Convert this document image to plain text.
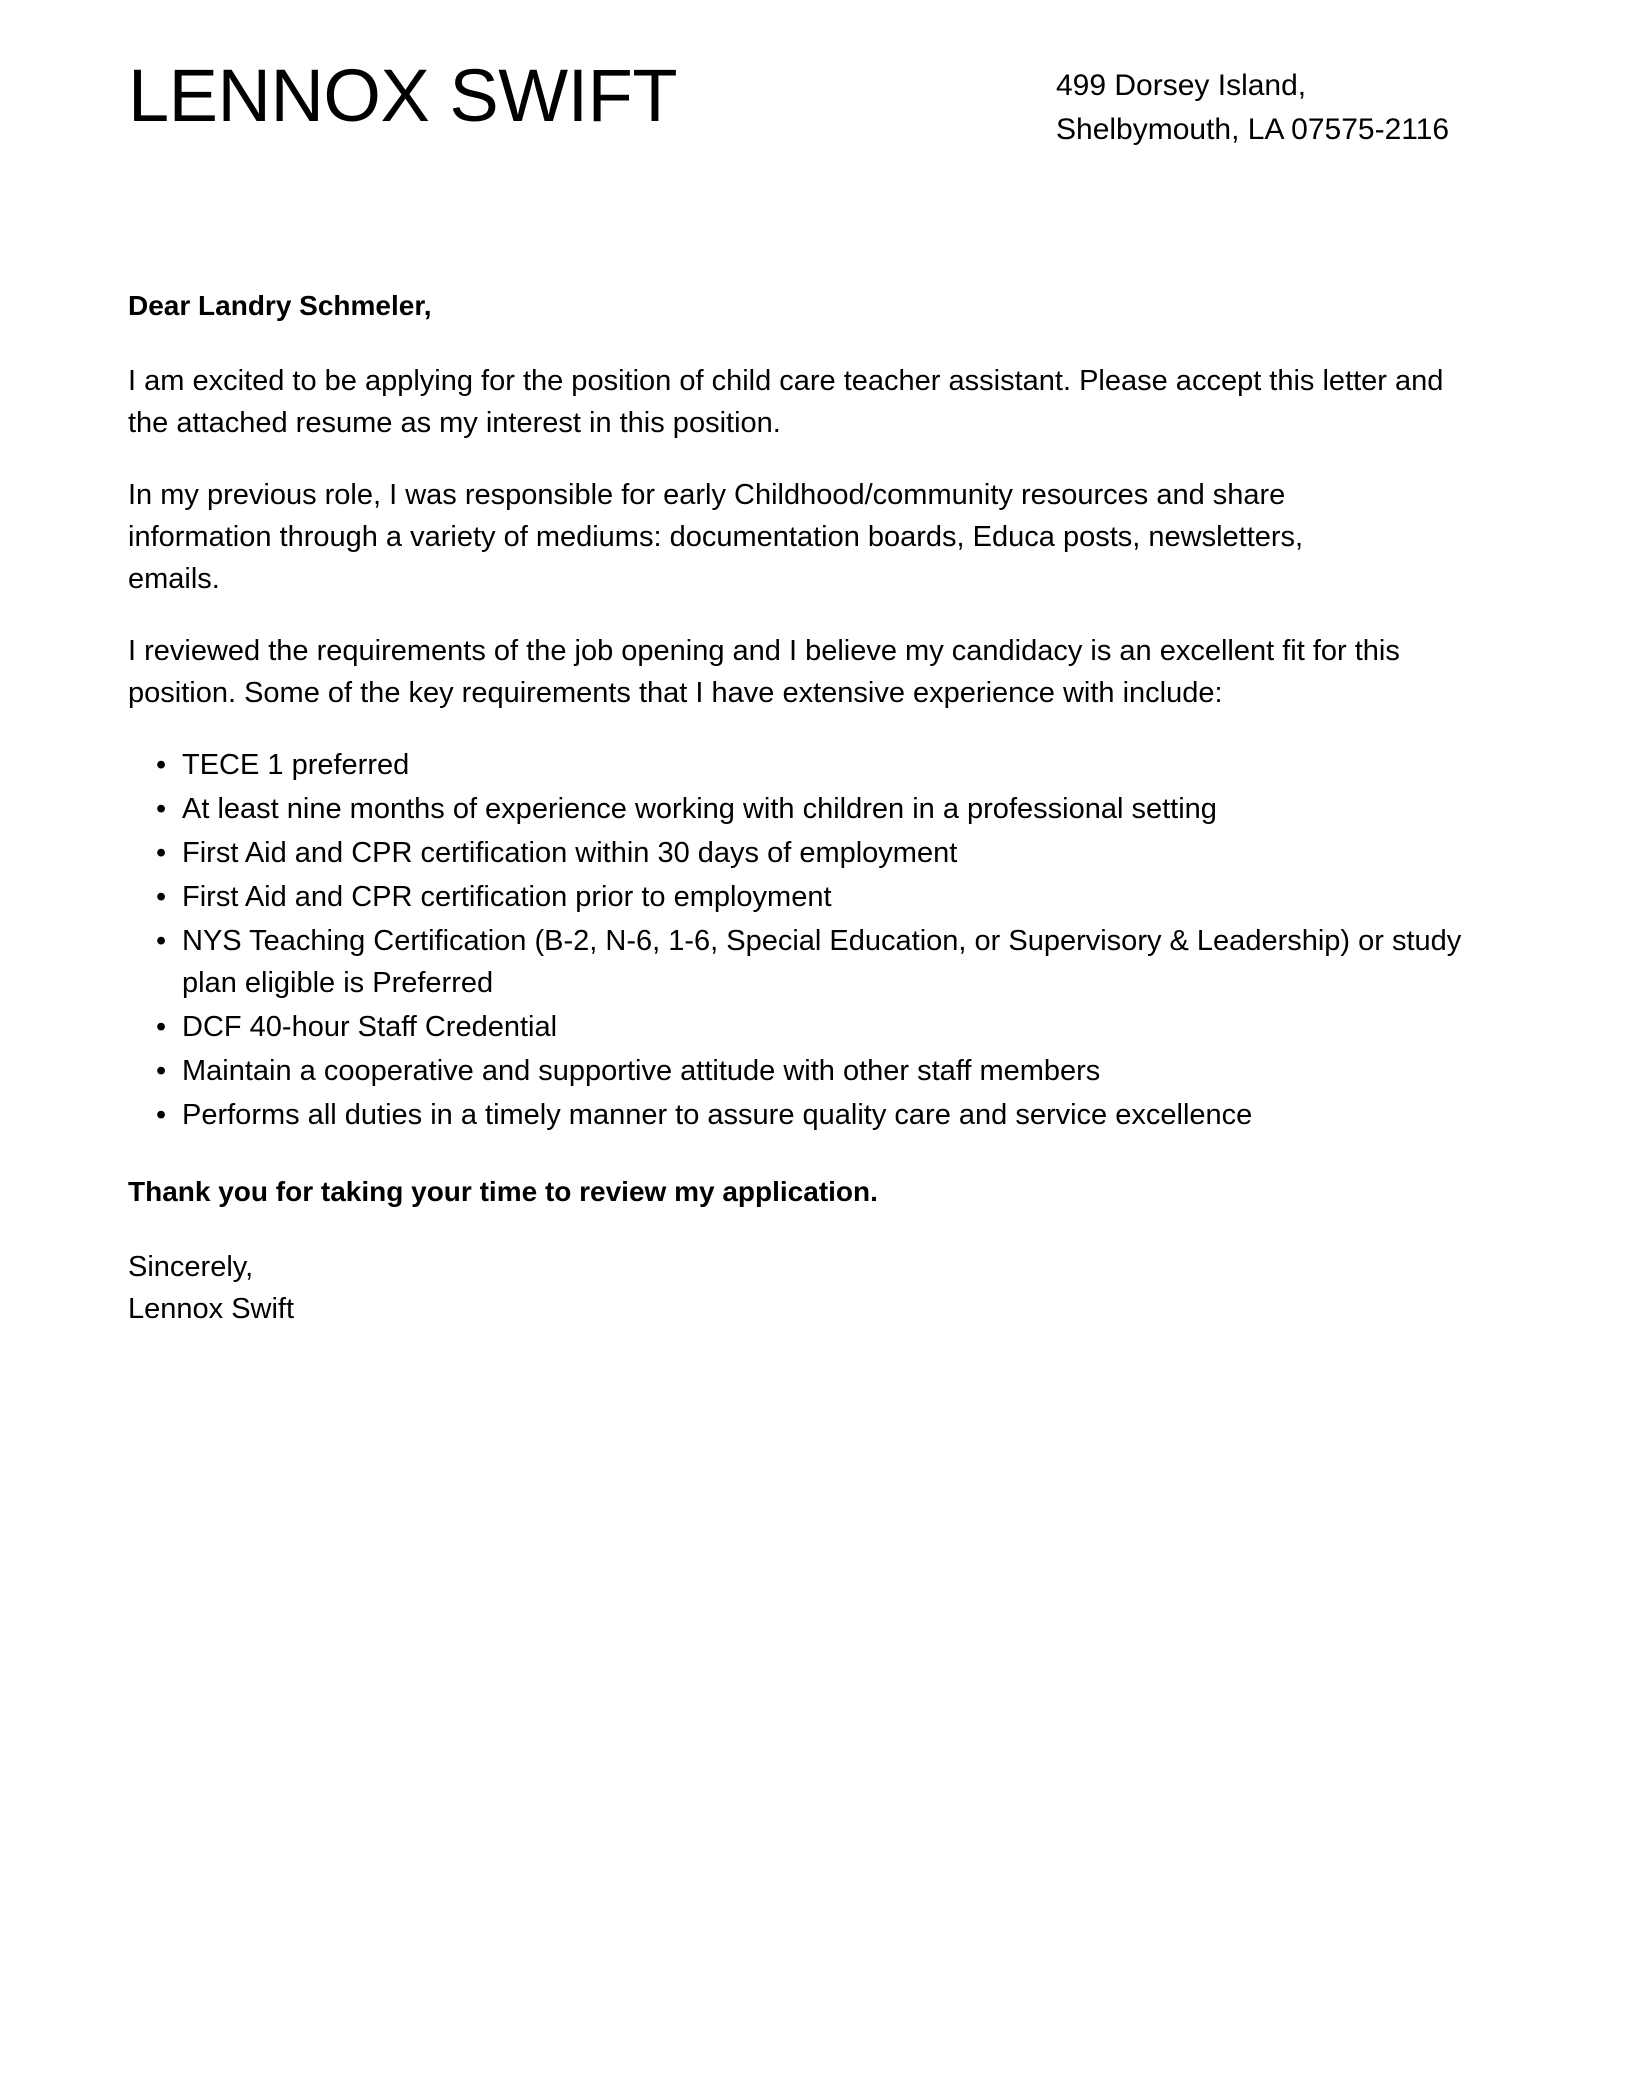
LENNOX SWIFT	499 Dorsey Island,
Shelbymouth, LA 07575-2116

Dear Landry Schmeler,

I am excited to be applying for the position of child care teacher assistant. Please accept this letter and the attached resume as my interest in this position.

In my previous role, I was responsible for early Childhood/community resources and share information through a variety of mediums: documentation boards, Educa posts, newsletters, emails.

I reviewed the requirements of the job opening and I believe my candidacy is an excellent fit for this position. Some of the key requirements that I have extensive experience with include:

• TECE 1 preferred
• At least nine months of experience working with children in a professional setting
• First Aid and CPR certification within 30 days of employment
• First Aid and CPR certification prior to employment
• NYS Teaching Certification (B-2, N-6, 1-6, Special Education, or Supervisory & Leadership) or study plan eligible is Preferred
• DCF 40-hour Staff Credential
• Maintain a cooperative and supportive attitude with other staff members
• Performs all duties in a timely manner to assure quality care and service excellence

Thank you for taking your time to review my application.

Sincerely,
Lennox Swift
